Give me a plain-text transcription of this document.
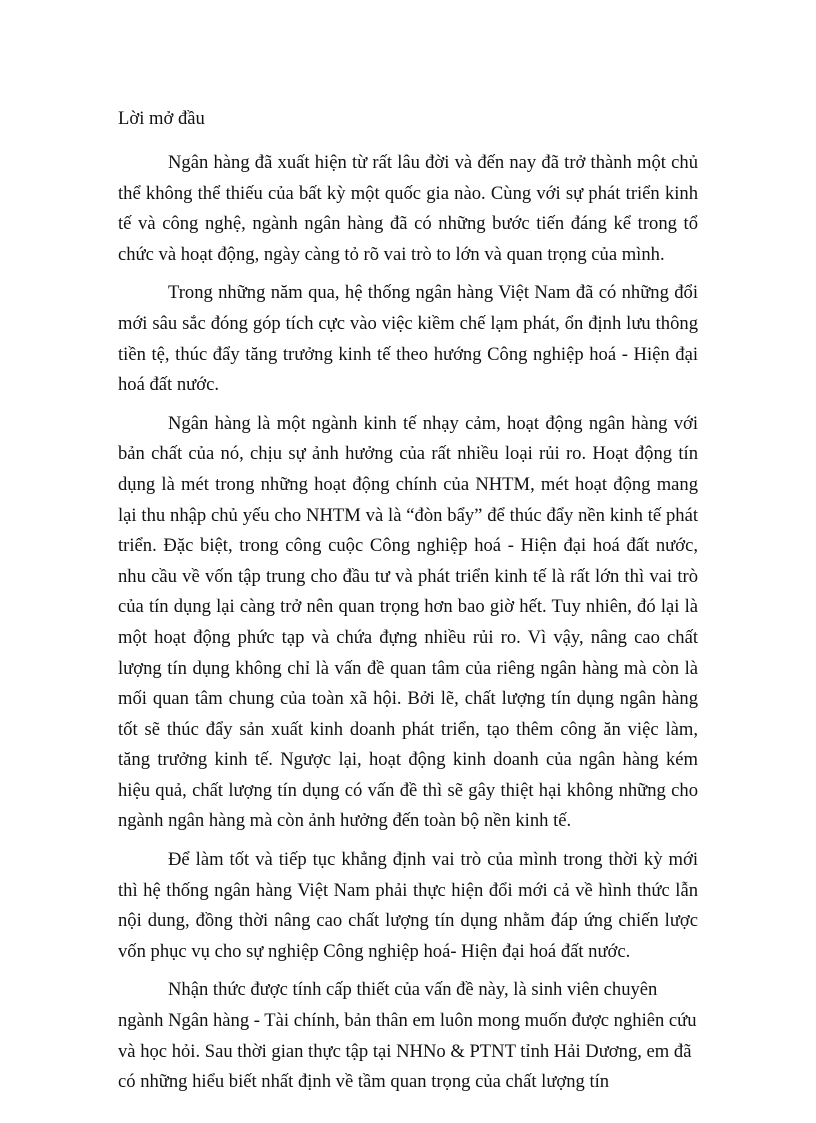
Lời mở đầu

Ngân hàng đã xuất hiện từ rất lâu đời và đến nay đã trở thành một chủ thể không thể thiếu của bất kỳ một quốc gia nào. Cùng với sự phát triển kinh tế và công nghệ, ngành ngân hàng đã có những bước tiến đáng kể trong tổ chức và hoạt động, ngày càng tỏ rõ vai trò to lớn và quan trọng của mình.

Trong những năm qua, hệ thống ngân hàng Việt Nam đã có những đổi mới sâu sắc đóng góp tích cực vào việc kiềm chế lạm phát, ổn định lưu thông tiền tệ, thúc đẩy tăng trưởng kinh tế theo hướng Công nghiệp hoá - Hiện đại hoá đất nước.

Ngân hàng là một ngành kinh tế nhạy cảm, hoạt động ngân hàng với bản chất của nó, chịu sự ảnh hưởng của rất nhiều loại rủi ro. Hoạt động tín dụng là mét trong những hoạt động chính của NHTM, mét hoạt động mang lại thu nhập chủ yếu cho NHTM và là “đòn bẩy” để thúc đẩy nền kinh tế phát triển. Đặc biệt, trong công cuộc Công nghiệp hoá - Hiện đại hoá đất nước, nhu cầu về vốn tập trung cho đầu tư và phát triển kinh tế là rất lớn thì vai trò của tín dụng lại càng trở nên quan trọng hơn bao giờ hết. Tuy nhiên, đó lại là một hoạt động phức tạp và chứa đựng nhiều rủi ro. Vì vậy, nâng cao chất lượng tín dụng không chỉ là vấn đề quan tâm của riêng ngân hàng mà còn là mối quan tâm chung của toàn xã hội. Bởi lẽ, chất lượng tín dụng ngân hàng tốt sẽ thúc đẩy sản xuất kinh doanh phát triển, tạo thêm công ăn việc làm, tăng trưởng kinh tế. Ngược lại, hoạt động kinh doanh của ngân hàng kém hiệu quả, chất lượng tín dụng có vấn đề thì sẽ gây thiệt hại không những cho ngành ngân hàng mà còn ảnh hưởng đến toàn bộ nền kinh tế.

Để làm tốt và tiếp tục khẳng định vai trò của mình trong thời kỳ mới thì hệ thống ngân hàng Việt Nam phải thực hiện đổi mới cả về hình thức lẫn nội dung, đồng thời nâng cao chất lượng tín dụng nhằm đáp ứng chiến lược vốn phục vụ cho sự nghiệp Công nghiệp hoá- Hiện đại hoá đất nước.

Nhận thức được tính cấp thiết của vấn đề này, là sinh viên chuyên ngành Ngân hàng - Tài chính, bản thân em luôn mong muốn được nghiên cứu và học hỏi. Sau thời gian thực tập tại NHNo & PTNT tỉnh Hải Dương, em đã có những hiểu biết nhất định về tầm quan trọng của chất lượng tín
